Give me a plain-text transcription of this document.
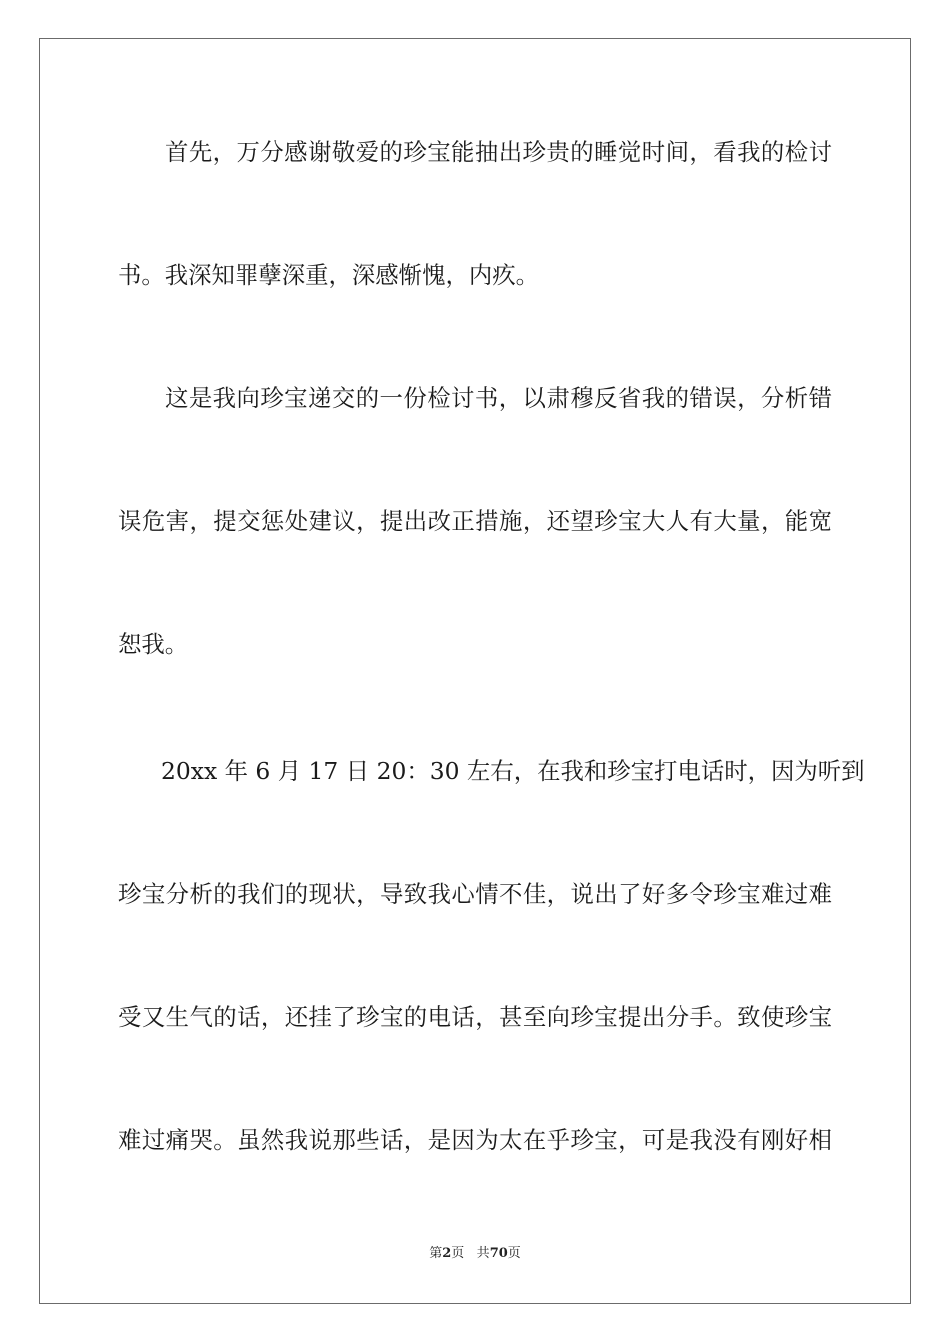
首先，万分感谢敬爱的珍宝能抽出珍贵的睡觉时间，看我的检讨
书。我深知罪孽深重，深感惭愧，内疚。
这是我向珍宝递交的一份检讨书，以肃穆反省我的错误，分析错
误危害，提交惩处建议，提出改正措施，还望珍宝大人有大量，能宽
恕我。
20xx 年 6 月 17 日 20：30 左右，在我和珍宝打电话时，因为听到
珍宝分析的我们的现状，导致我心情不佳，说出了好多令珍宝难过难
受又生气的话，还挂了珍宝的电话，甚至向珍宝提出分手。致使珍宝
难过痛哭。虽然我说那些话，是因为太在乎珍宝，可是我没有刚好相
第2页 共70页
